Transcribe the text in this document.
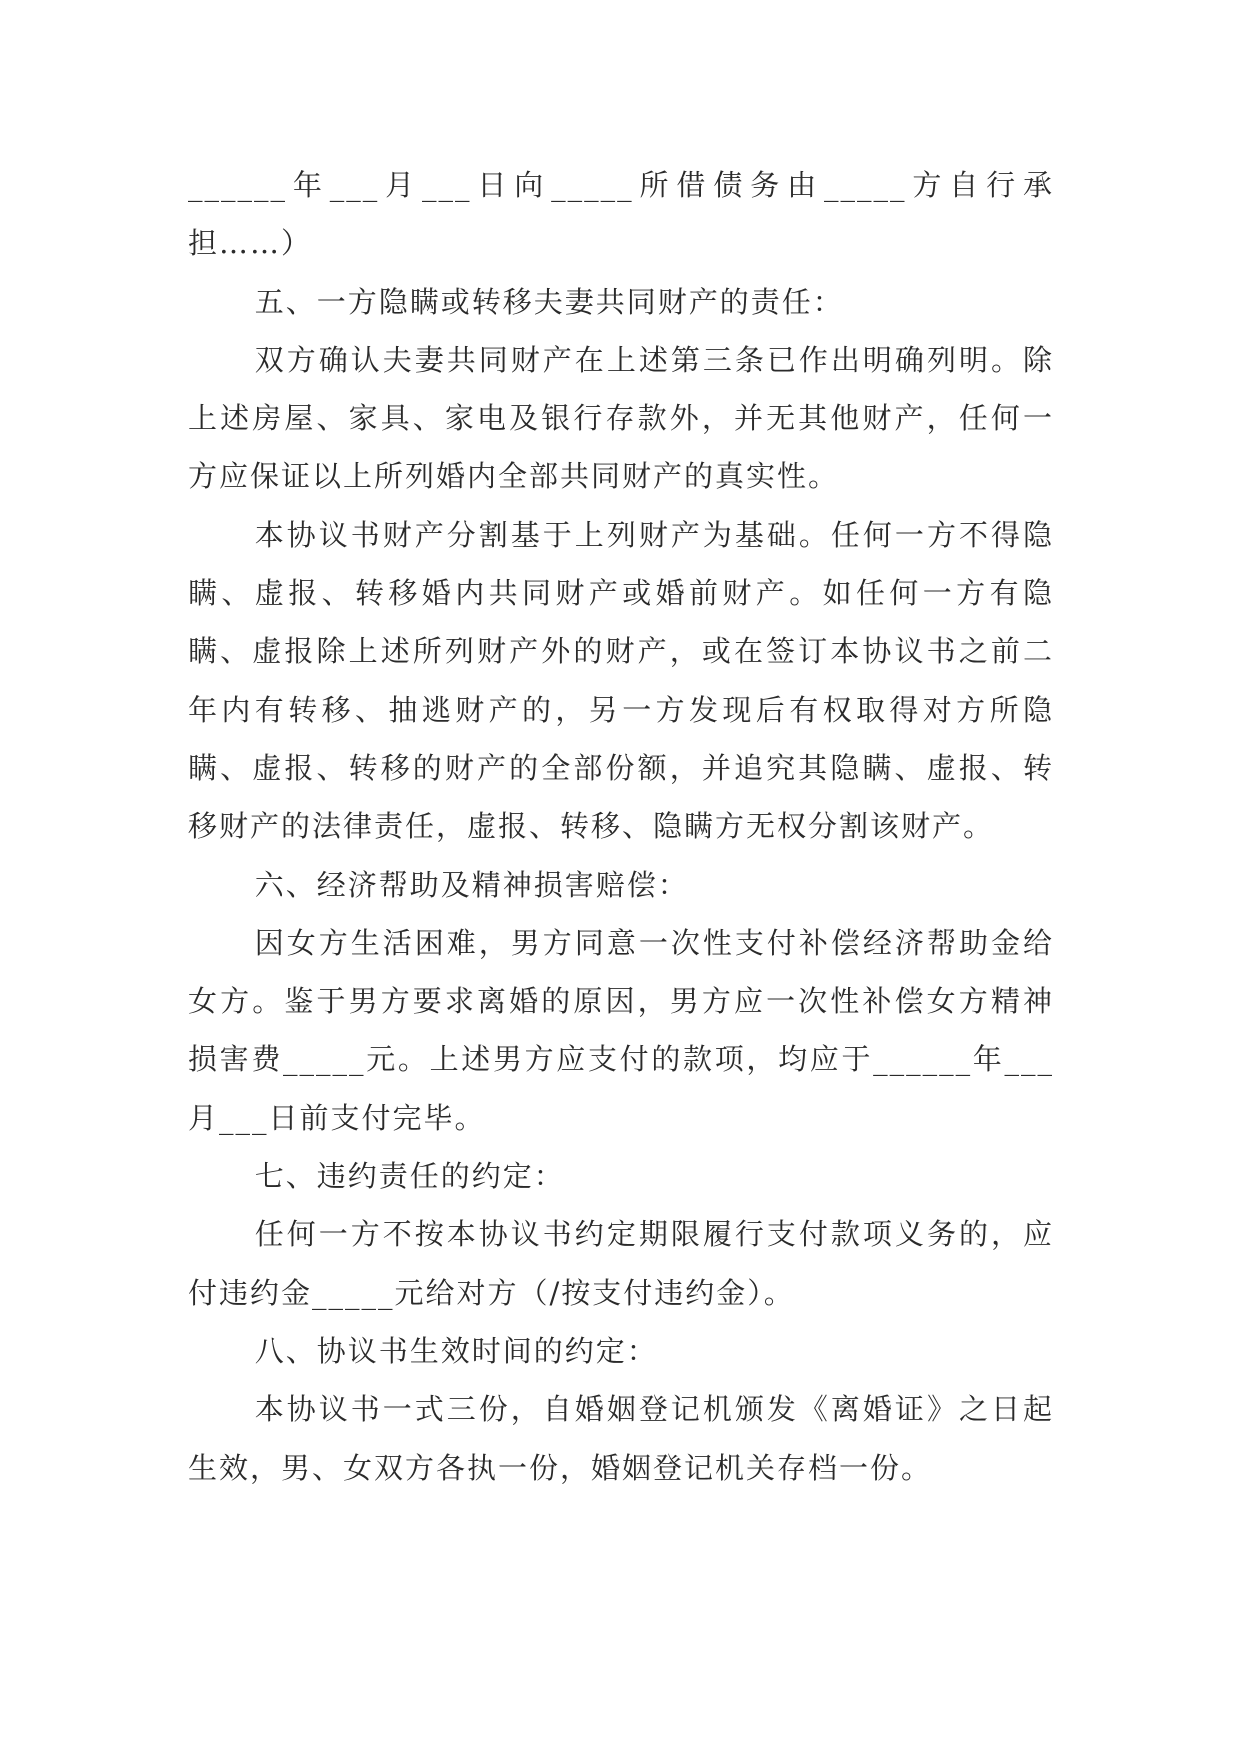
______年___月___日向_____所借债务由_____方自行承担……）

五、一方隐瞒或转移夫妻共同财产的责任：

双方确认夫妻共同财产在上述第三条已作出明确列明。除上述房屋、家具、家电及银行存款外，并无其他财产，任何一方应保证以上所列婚内全部共同财产的真实性。

本协议书财产分割基于上列财产为基础。任何一方不得隐瞒、虚报、转移婚内共同财产或婚前财产。如任何一方有隐瞒、虚报除上述所列财产外的财产，或在签订本协议书之前二年内有转移、抽逃财产的，另一方发现后有权取得对方所隐瞒、虚报、转移的财产的全部份额，并追究其隐瞒、虚报、转移财产的法律责任，虚报、转移、隐瞒方无权分割该财产。

六、经济帮助及精神损害赔偿：

因女方生活困难，男方同意一次性支付补偿经济帮助金给女方。鉴于男方要求离婚的原因，男方应一次性补偿女方精神损害费_____元。上述男方应支付的款项，均应于______年___月___日前支付完毕。

七、违约责任的约定：

任何一方不按本协议书约定期限履行支付款项义务的，应付违约金_____元给对方（/按支付违约金）。

八、协议书生效时间的约定：

本协议书一式三份，自婚姻登记机颁发《离婚证》之日起生效，男、女双方各执一份，婚姻登记机关存档一份。
